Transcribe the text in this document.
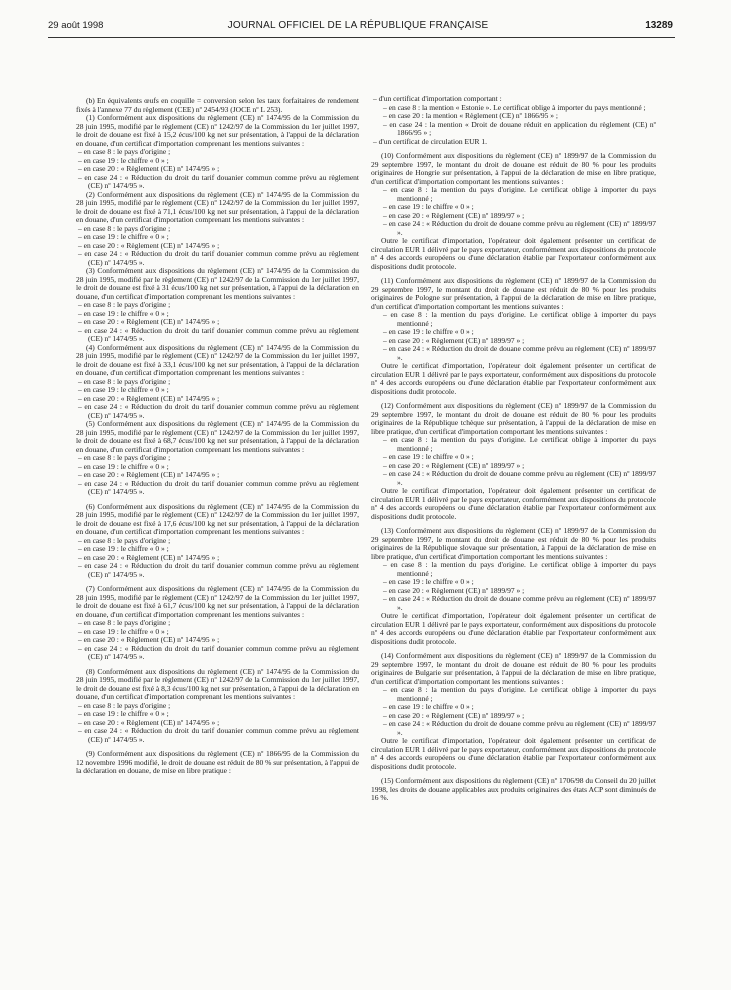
29 août 1998	JOURNAL OFFICIEL DE LA RÉPUBLIQUE FRANÇAISE	13289

(b) En équivalents œufs en coquille = conversion selon les taux forfaitaires de rendement fixés à l'annexe 77 du règlement (CEE) nº 2454/93 (JOCE nº L 253).

(1) Conformément aux dispositions du règlement (CE) nº 1474/95 de la Commission du 28 juin 1995, modifié par le règlement (CE) nº 1242/97 de la Commission du 1er juillet 1997, le droit de douane est fixé à 15,2 écus/100 kg net sur présentation, à l'appui de la déclaration en douane, d'un certificat d'importation comprenant les mentions suivantes :

– en case 8 : le pays d'origine ;

– en case 19 : le chiffre « 0 » ;

– en case 20 : « Règlement (CE) nº 1474/95 » ;

– en case 24 : « Réduction du droit du tarif douanier commun comme prévu au règlement (CE) nº 1474/95 ».

(2) Conformément aux dispositions du règlement (CE) nº 1474/95 de la Commission du 28 juin 1995, modifié par le règlement (CE) nº 1242/97 de la Commission du 1er juillet 1997, le droit de douane est fixé à 71,1 écus/100 kg net sur présentation, à l'appui de la déclaration en douane, d'un certificat d'importation comprenant les mentions suivantes :

– en case 8 : le pays d'origine ;

– en case 19 : le chiffre « 0 » ;

– en case 20 : « Règlement (CE) nº 1474/95 » ;

– en case 24 : « Réduction du droit du tarif douanier commun comme prévu au règlement (CE) nº 1474/95 ».

(3) Conformément aux dispositions du règlement (CE) nº 1474/95 de la Commission du 28 juin 1995, modifié par le règlement (CE) nº 1242/97 de la Commission du 1er juillet 1997, le droit de douane est fixé à 31 écus/100 kg net sur présentation, à l'appui de la déclaration en douane, d'un certificat d'importation comprenant les mentions suivantes :

– en case 8 : le pays d'origine ;

– en case 19 : le chiffre « 0 » ;

– en case 20 : « Règlement (CE) nº 1474/95 » ;

– en case 24 : « Réduction du droit du tarif douanier commun comme prévu au règlement (CE) nº 1474/95 ».

(4) Conformément aux dispositions du règlement (CE) nº 1474/95 de la Commission du 28 juin 1995, modifié par le règlement (CE) nº 1242/97 de la Commission du 1er juillet 1997, le droit de douane est fixé à 33,1 écus/100 kg net sur présentation, à l'appui de la déclaration en douane, d'un certificat d'importation comprenant les mentions suivantes :

– en case 8 : le pays d'origine ;

– en case 19 : le chiffre « 0 » ;

– en case 20 : « Règlement (CE) nº 1474/95 » ;

– en case 24 : « Réduction du droit du tarif douanier commun comme prévu au règlement (CE) nº 1474/95 ».

(5) Conformément aux dispositions du règlement (CE) nº 1474/95 de la Commission du 28 juin 1995, modifié par le règlement (CE) nº 1242/97 de la Commission du 1er juillet 1997, le droit de douane est fixé à 68,7 écus/100 kg net sur présentation, à l'appui de la déclaration en douane, d'un certificat d'importation comprenant les mentions suivantes :

– en case 8 : le pays d'origine ;

– en case 19 : le chiffre « 0 » ;

– en case 20 : « Règlement (CE) nº 1474/95 » ;

– en case 24 : « Réduction du droit du tarif douanier commun comme prévu au règlement (CE) nº 1474/95 ».

(6) Conformément aux dispositions du règlement (CE) nº 1474/95 de la Commission du 28 juin 1995, modifié par le règlement (CE) nº 1242/97 de la Commission du 1er juillet 1997, le droit de douane est fixé à 17,6 écus/100 kg net sur présentation, à l'appui de la déclaration en douane, d'un certificat d'importation comprenant les mentions suivantes :

– en case 8 : le pays d'origine ;

– en case 19 : le chiffre « 0 » ;

– en case 20 : « Règlement (CE) nº 1474/95 » ;

– en case 24 : « Réduction du droit du tarif douanier commun comme prévu au règlement (CE) nº 1474/95 ».

(7) Conformément aux dispositions du règlement (CE) nº 1474/95 de la Commission du 28 juin 1995, modifié par le règlement (CE) nº 1242/97 de la Commission du 1er juillet 1997, le droit de douane est fixé à 61,7 écus/100 kg net sur présentation, à l'appui de la déclaration en douane, d'un certificat d'importation comprenant les mentions suivantes :

– en case 8 : le pays d'origine ;

– en case 19 : le chiffre « 0 » ;

– en case 20 : « Règlement (CE) nº 1474/95 » ;

– en case 24 : « Réduction du droit du tarif douanier commun comme prévu au règlement (CE) nº 1474/95 ».

(8) Conformément aux dispositions du règlement (CE) nº 1474/95 de la Commission du 28 juin 1995, modifié par le règlement (CE) nº 1242/97 de la Commission du 1er juillet 1997, le droit de douane est fixé à 8,3 écus/100 kg net sur présentation, à l'appui de la déclaration en douane, d'un certificat d'importation comprenant les mentions suivantes :

– en case 8 : le pays d'origine ;

– en case 19 : le chiffre « 0 » ;

– en case 20 : « Règlement (CE) nº 1474/95 » ;

– en case 24 : « Réduction du droit du tarif douanier commun comme prévu au règlement (CE) nº 1474/95 ».

(9) Conformément aux dispositions du règlement (CE) nº 1866/95 de la Commission du 12 novembre 1996 modifié, le droit de douane est réduit de 80 % sur présentation, à l'appui de la déclaration en douane, de mise en libre pratique :

– d'un certificat d'importation comportant :

– en case 8 : la mention « Estonie ». Le certificat oblige à importer du pays mentionné ;

– en case 20 : la mention « Règlement (CE) nº 1866/95 » ;

– en case 24 : la mention « Droit de douane réduit en application du règlement (CE) nº 1866/95 » ;

– d'un certificat de circulation EUR 1.

(10) Conformément aux dispositions du règlement (CE) nº 1899/97 de la Commission du 29 septembre 1997, le montant du droit de douane est réduit de 80 % pour les produits originaires de Hongrie sur présentation, à l'appui de la déclaration de mise en libre pratique, d'un certificat d'importation comportant les mentions suivantes :

– en case 8 : la mention du pays d'origine. Le certificat oblige à importer du pays mentionné ;

– en case 19 : le chiffre « 0 » ;

– en case 20 : « Règlement (CE) nº 1899/97 » ;

– en case 24 : « Réduction du droit de douane comme prévu au règlement (CE) nº 1899/97 ».

Outre le certificat d'importation, l'opérateur doit également présenter un certificat de circulation EUR 1 délivré par le pays exportateur, conformément aux dispositions du protocole nº 4 des accords européens ou d'une déclaration établie par l'exportateur conformément aux dispositions dudit protocole.

(11) Conformément aux dispositions du règlement (CE) nº 1899/97 de la Commission du 29 septembre 1997, le montant du droit de douane est réduit de 80 % pour les produits originaires de Pologne sur présentation, à l'appui de la déclaration de mise en libre pratique, d'un certificat d'importation comportant les mentions suivantes :

– en case 8 : la mention du pays d'origine. Le certificat oblige à importer du pays mentionné ;

– en case 19 : le chiffre « 0 » ;

– en case 20 : « Règlement (CE) nº 1899/97 » ;

– en case 24 : « Réduction du droit de douane comme prévu au règlement (CE) nº 1899/97 ».

Outre le certificat d'importation, l'opérateur doit également présenter un certificat de circulation EUR 1 délivré par le pays exportateur, conformément aux dispositions du protocole nº 4 des accords européens ou d'une déclaration établie par l'exportateur conformément aux dispositions dudit protocole.

(12) Conformément aux dispositions du règlement (CE) nº 1899/97 de la Commission du 29 septembre 1997, le montant du droit de douane est réduit de 80 % pour les produits originaires de la République tchèque sur présentation, à l'appui de la déclaration de mise en libre pratique, d'un certificat d'importation comportant les mentions suivantes :

– en case 8 : la mention du pays d'origine. Le certificat oblige à importer du pays mentionné ;

– en case 19 : le chiffre « 0 » ;

– en case 20 : « Règlement (CE) nº 1899/97 » ;

– en case 24 : « Réduction du droit de douane comme prévu au règlement (CE) nº 1899/97 ».

Outre le certificat d'importation, l'opérateur doit également présenter un certificat de circulation EUR 1 délivré par le pays exportateur, conformément aux dispositions du protocole nº 4 des accords européens ou d'une déclaration établie par l'exportateur conformément aux dispositions dudit protocole.

(13) Conformément aux dispositions du règlement (CE) nº 1899/97 de la Commission du 29 septembre 1997, le montant du droit de douane est réduit de 80 % pour les produits originaires de la République slovaque sur présentation, à l'appui de la déclaration de mise en libre pratique, d'un certificat d'importation comportant les mentions suivantes :

– en case 8 : la mention du pays d'origine. Le certificat oblige à importer du pays mentionné ;

– en case 19 : le chiffre « 0 » ;

– en case 20 : « Règlement (CE) nº 1899/97 » ;

– en case 24 : « Réduction du droit de douane comme prévu au règlement (CE) nº 1899/97 ».

Outre le certificat d'importation, l'opérateur doit également présenter un certificat de circulation EUR 1 délivré par le pays exportateur, conformément aux dispositions du protocole nº 4 des accords européens ou d'une déclaration établie par l'exportateur conformément aux dispositions dudit protocole.

(14) Conformément aux dispositions du règlement (CE) nº 1899/97 de la Commission du 29 septembre 1997, le montant du droit de douane est réduit de 80 % pour les produits originaires de Bulgarie sur présentation, à l'appui de la déclaration de mise en libre pratique, d'un certificat d'importation comportant les mentions suivantes :

– en case 8 : la mention du pays d'origine. Le certificat oblige à importer du pays mentionné ;

– en case 19 : le chiffre « 0 » ;

– en case 20 : « Règlement (CE) nº 1899/97 » ;

– en case 24 : « Réduction du droit de douane comme prévu au règlement (CE) nº 1899/97 ».

Outre le certificat d'importation, l'opérateur doit également présenter un certificat de circulation EUR 1 délivré par le pays exportateur, conformément aux dispositions du protocole nº 4 des accords européens ou d'une déclaration établie par l'exportateur conformément aux dispositions dudit protocole.

(15) Conformément aux dispositions du règlement (CE) nº 1706/98 du Conseil du 20 juillet 1998, les droits de douane applicables aux produits originaires des états ACP sont diminués de 16 %.
